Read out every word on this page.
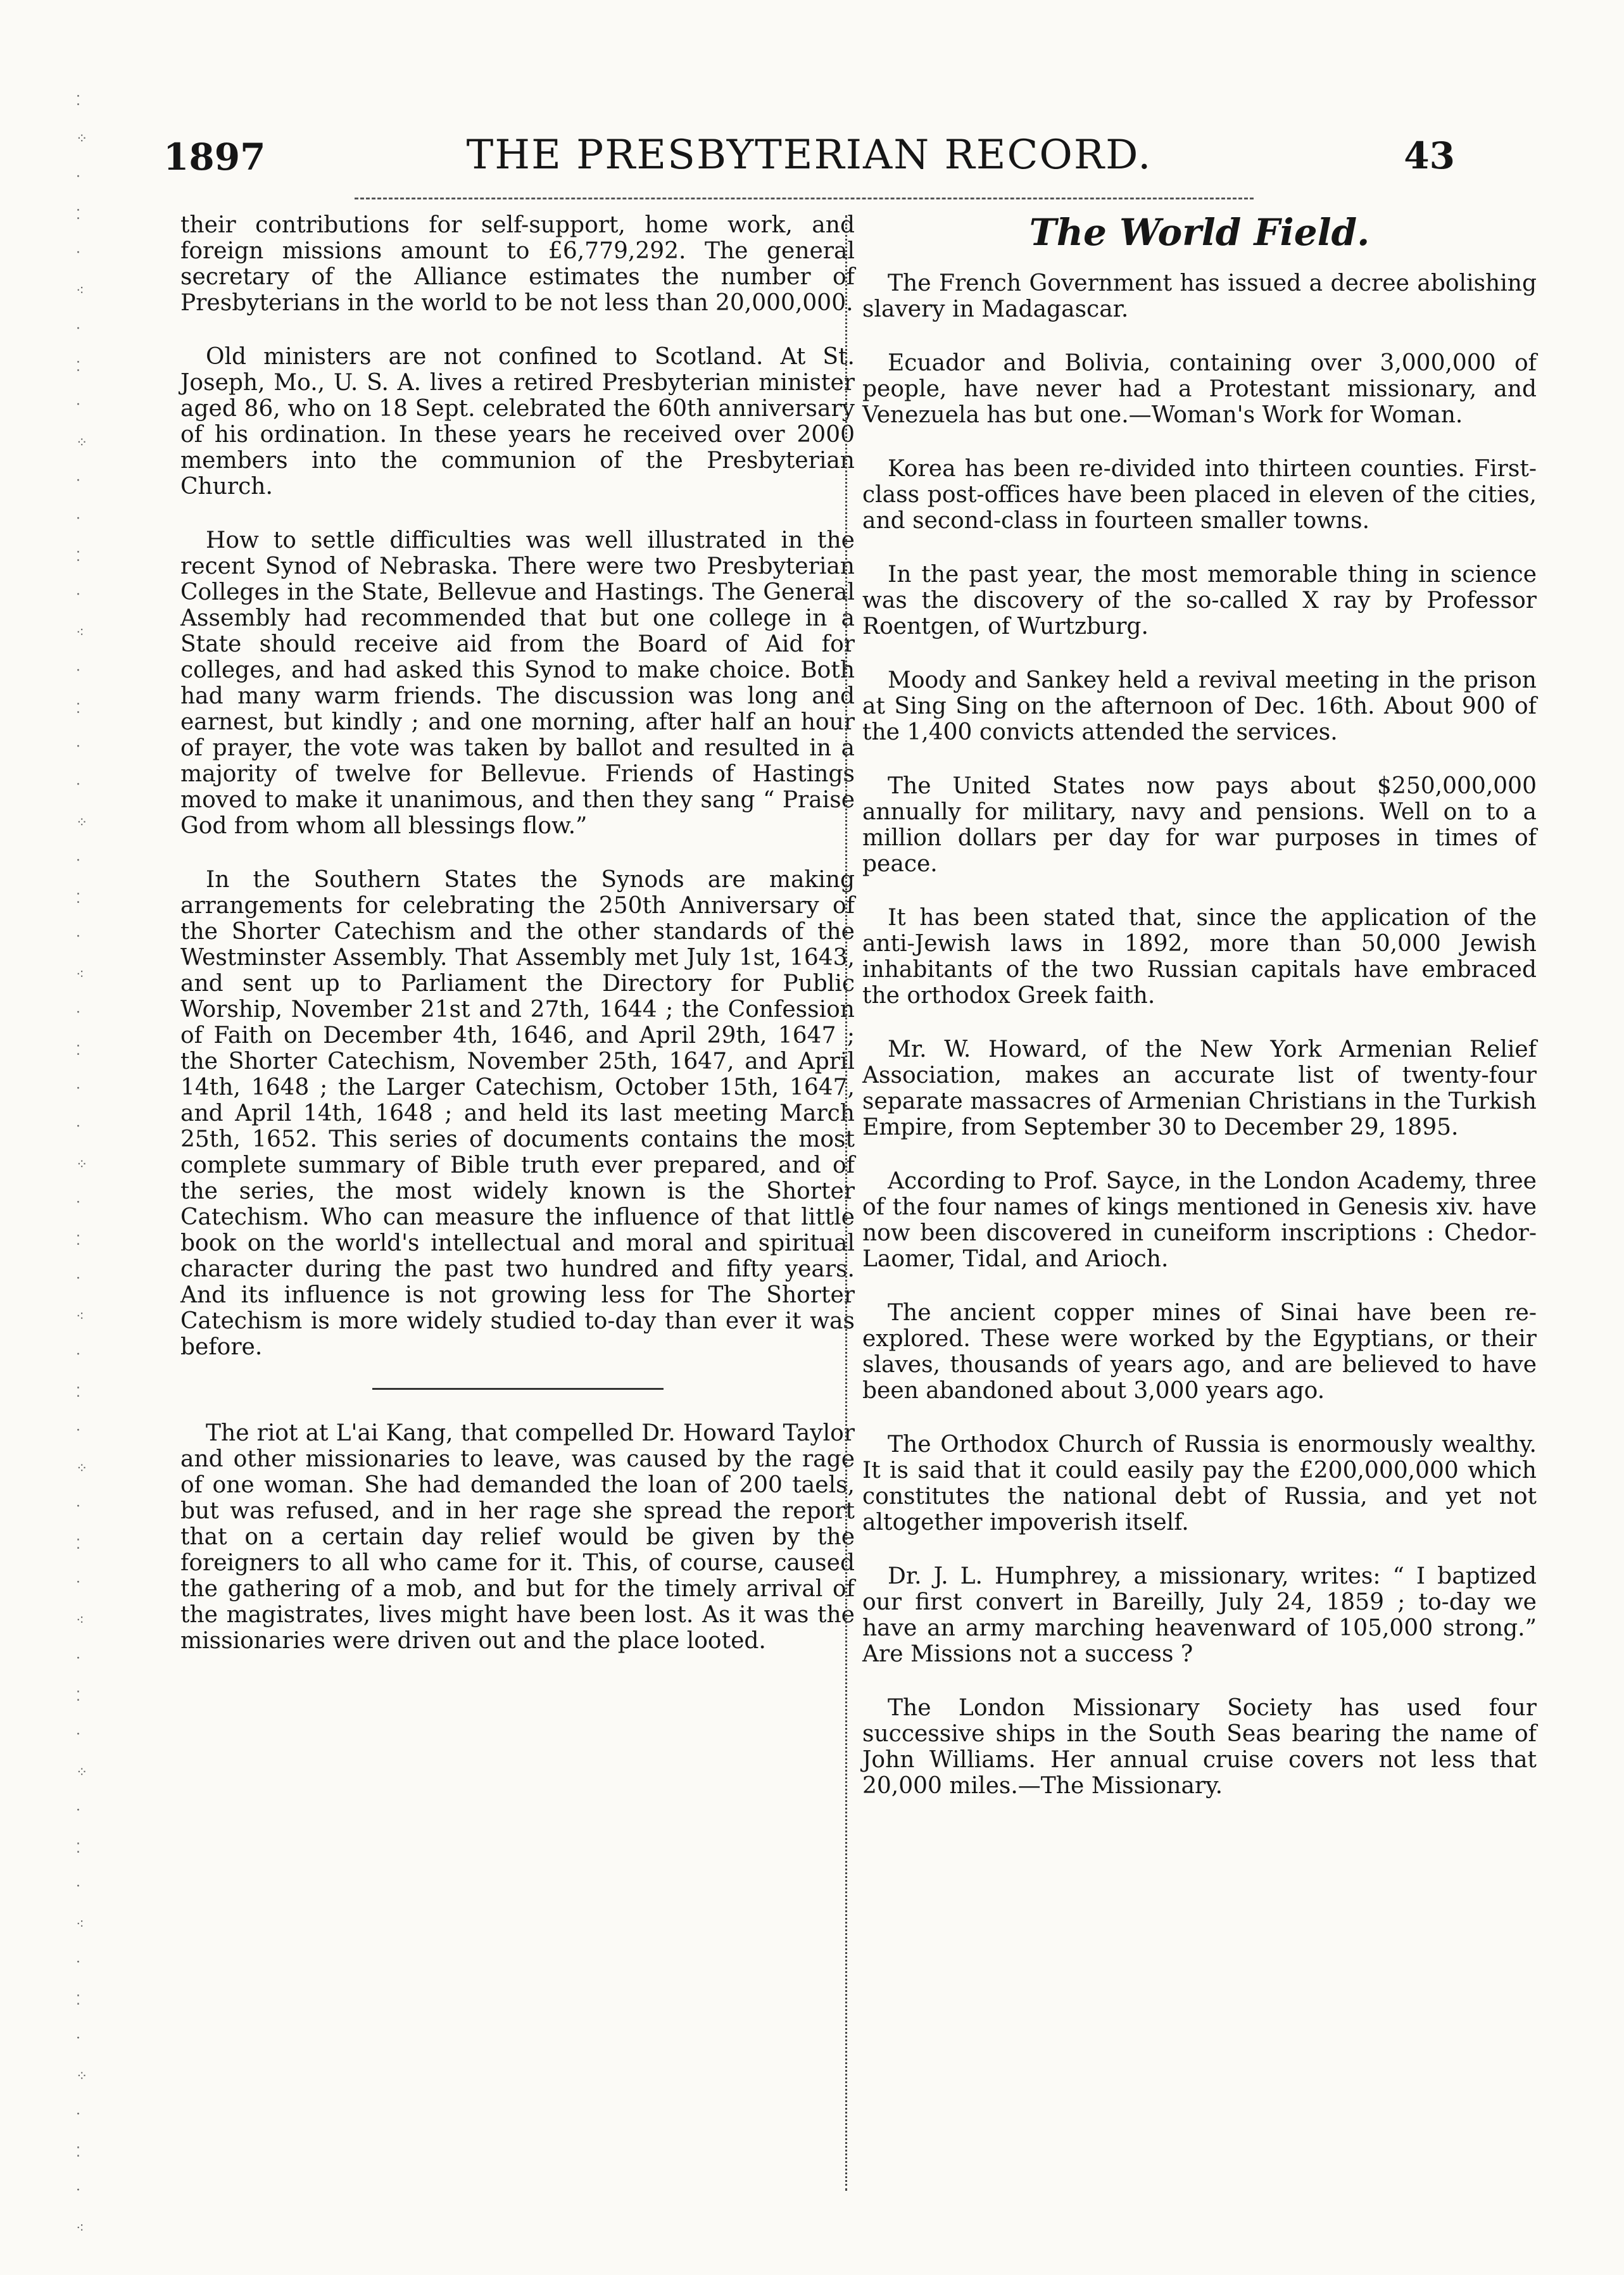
⁚
⁘
·
⁚
·
⁖
·
⁚
·
⁘
·
·
⁚
·
⁖
·
⁚
·
·
⁘
·
⁚
·
⁖
·
⁚
·
·
⁘
·
⁚
·
⁖
·
⁚
·
⁘
·
⁚
·
⁖
·
⁚
·
⁘
·
⁚
·
⁖
·
⁚
·
⁘
·
⁚
·
⁖
1897	THE PRESBYTERIAN RECORD.	43

their contributions for self-support, home work, and foreign missions amount to £6,779,292. The general secretary of the Alliance estimates the number of Presbyterians in the world to be not less than 20,000,000.

Old ministers are not confined to Scotland. At St. Joseph, Mo., U. S. A. lives a retired Presbyterian minister aged 86, who on 18 Sept. celebrated the 60th anniversary of his ordination. In these years he received over 2000 members into the communion of the Presbyterian Church.

How to settle difficulties was well illustrated in the recent Synod of Nebraska. There were two Presbyterian Colleges in the State, Bellevue and Hastings. The General Assembly had recommended that but one college in a State should receive aid from the Board of Aid for colleges, and had asked this Synod to make choice. Both had many warm friends. The discussion was long and earnest, but kindly ; and one morning, after half an hour of prayer, the vote was taken by ballot and resulted in a majority of twelve for Bellevue. Friends of Hastings moved to make it unanimous, and then they sang “ Praise God from whom all blessings flow.”

In the Southern States the Synods are making arrangements for celebrating the 250th Anniversary of the Shorter Catechism and the other standards of the Westminster Assembly. That Assembly met July 1st, 1643, and sent up to Parliament the Directory for Public Worship, November 21st and 27th, 1644 ; the Confession of Faith on December 4th, 1646, and April 29th, 1647 ; the Shorter Catechism, November 25th, 1647, and April 14th, 1648 ; the Larger Catechism, October 15th, 1647, and April 14th, 1648 ; and held its last meeting March 25th, 1652. This series of documents contains the most complete summary of Bible truth ever prepared, and of the series, the most widely known is the Shorter Catechism. Who can measure the influence of that little book on the world's intellectual and moral and spiritual character during the past two hundred and fifty years. And its influence is not growing less for The Shorter Catechism is more widely studied to-day than ever it was before.

The riot at L'ai Kang, that compelled Dr. Howard Taylor and other missionaries to leave, was caused by the rage of one woman. She had demanded the loan of 200 taels, but was refused, and in her rage she spread the report that on a certain day relief would be given by the foreigners to all who came for it. This, of course, caused the gathering of a mob, and but for the timely arrival of the magistrates, lives might have been lost. As it was the missionaries were driven out and the place looted.

The World Field.

The French Government has issued a decree abolishing slavery in Madagascar.

Ecuador and Bolivia, containing over 3,000,000 of people, have never had a Protestant missionary, and Venezuela has but one.—Woman's Work for Woman.

Korea has been re-divided into thirteen counties. First-class post-offices have been placed in eleven of the cities, and second-class in fourteen smaller towns.

In the past year, the most memorable thing in science was the discovery of the so-called X ray by Professor Roentgen, of Wurtzburg.

Moody and Sankey held a revival meeting in the prison at Sing Sing on the afternoon of Dec. 16th. About 900 of the 1,400 convicts attended the services.

The United States now pays about $250,000,000 annually for military, navy and pensions. Well on to a million dollars per day for war purposes in times of peace.

It has been stated that, since the application of the anti-Jewish laws in 1892, more than 50,000 Jewish inhabitants of the two Russian capitals have embraced the orthodox Greek faith.

Mr. W. Howard, of the New York Armenian Relief Association, makes an accurate list of twenty-four separate massacres of Armenian Christians in the Turkish Empire, from September 30 to December 29, 1895.

According to Prof. Sayce, in the London Academy, three of the four names of kings mentioned in Genesis xiv. have now been discovered in cuneiform inscriptions : Chedor-Laomer, Tidal, and Arioch.

The ancient copper mines of Sinai have been re-explored. These were worked by the Egyptians, or their slaves, thousands of years ago, and are believed to have been abandoned about 3,000 years ago.

The Orthodox Church of Russia is enormously wealthy. It is said that it could easily pay the £200,000,000 which constitutes the national debt of Russia, and yet not altogether impoverish itself.

Dr. J. L. Humphrey, a missionary, writes: “ I baptized our first convert in Bareilly, July 24, 1859 ; to-day we have an army marching heavenward of 105,000 strong.” Are Missions not a success ?

The London Missionary Society has used four successive ships in the South Seas bearing the name of John Williams. Her annual cruise covers not less that 20,000 miles.—The Missionary.
